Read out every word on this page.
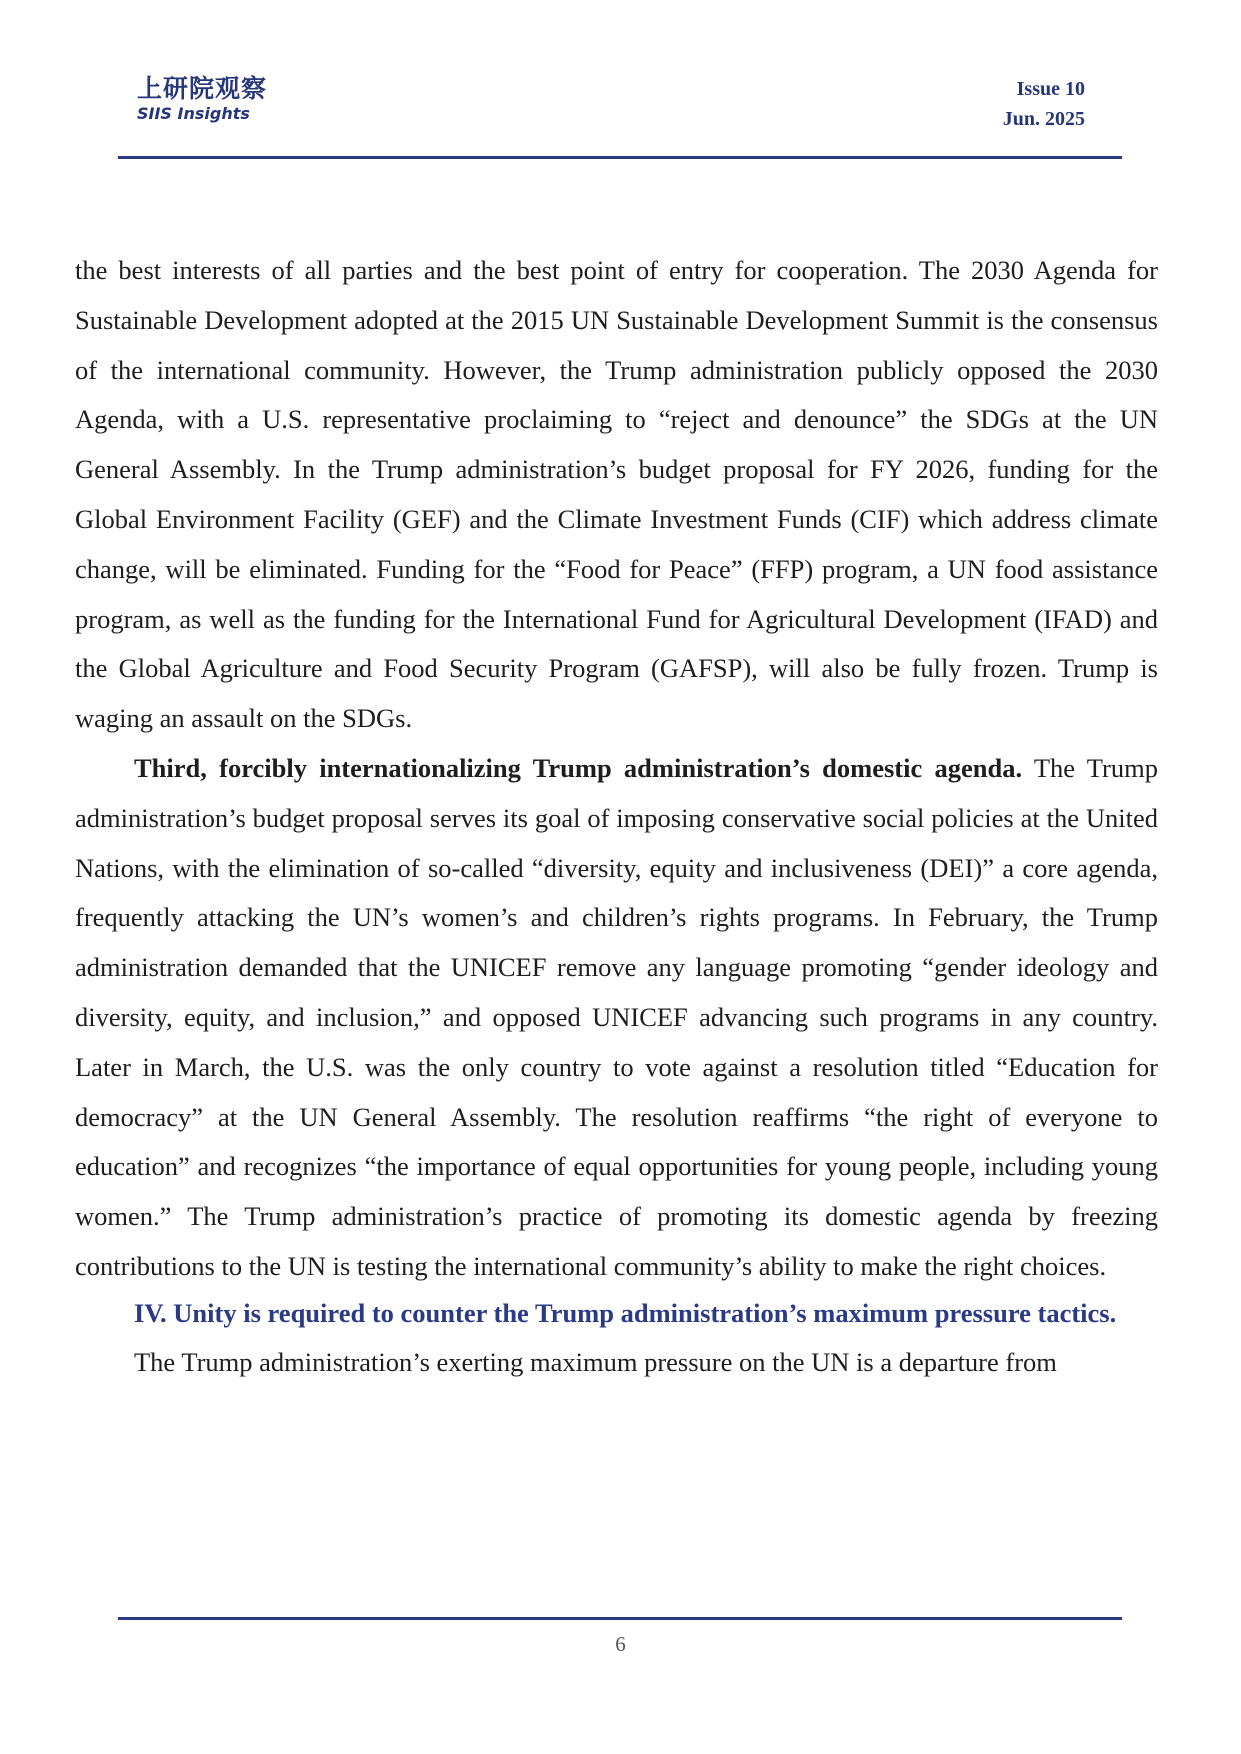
上研院观察
SIIS Insights
Issue 10
Jun. 2025

the best interests of all parties and the best point of entry for cooperation. The 2030 Agenda for Sustainable Development adopted at the 2015 UN Sustainable Development Summit is the consensus of the international community. However, the Trump administration publicly opposed the 2030 Agenda, with a U.S. representative proclaiming to “reject and denounce” the SDGs at the UN General Assembly. In the Trump administration’s budget proposal for FY 2026, funding for the Global Environment Facility (GEF) and the Climate Investment Funds (CIF) which address climate change, will be eliminated. Funding for the “Food for Peace” (FFP) program, a UN food assistance program, as well as the funding for the International Fund for Agricultural Development (IFAD) and the Global Agriculture and Food Security Program (GAFSP), will also be fully frozen. Trump is waging an assault on the SDGs.

Third, forcibly internationalizing Trump administration’s domestic agenda. The Trump administration’s budget proposal serves its goal of imposing conservative social policies at the United Nations, with the elimination of so-called “diversity, equity and inclusiveness (DEI)” a core agenda, frequently attacking the UN’s women’s and children’s rights programs. In February, the Trump administration demanded that the UNICEF remove any language promoting “gender ideology and diversity, equity, and inclusion,” and opposed UNICEF advancing such programs in any country. Later in March, the U.S. was the only country to vote against a resolution titled “Education for democracy” at the UN General Assembly. The resolution reaffirms “the right of everyone to education” and recognizes “the importance of equal opportunities for young people, including young women.” The Trump administration’s practice of promoting its domestic agenda by freezing contributions to the UN is testing the international community’s ability to make the right choices.

IV. Unity is required to counter the Trump administration’s maximum pressure tactics.

The Trump administration’s exerting maximum pressure on the UN is a departure from

6
